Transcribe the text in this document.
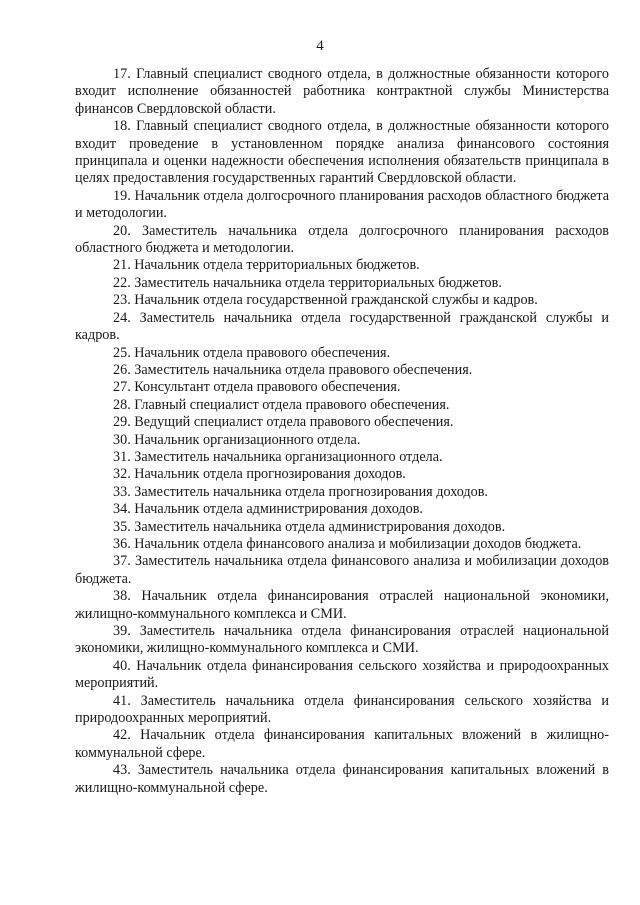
4

17. Главный специалист сводного отдела, в должностные обязанности которого входит исполнение обязанностей работника контрактной службы Министерства финансов Свердловской области.

18. Главный специалист сводного отдела, в должностные обязанности которого входит проведение в установленном порядке анализа финансового состояния принципала и оценки надежности обеспечения исполнения обязательств принципала в целях предоставления государственных гарантий Свердловской области.

19. Начальник отдела долгосрочного планирования расходов областного бюджета и методологии.

20. Заместитель начальника отдела долгосрочного планирования расходов областного бюджета и методологии.

21. Начальник отдела территориальных бюджетов.

22. Заместитель начальника отдела территориальных бюджетов.

23. Начальник отдела государственной гражданской службы и кадров.

24. Заместитель начальника отдела государственной гражданской службы и кадров.

25. Начальник отдела правового обеспечения.

26. Заместитель начальника отдела правового обеспечения.

27. Консультант отдела правового обеспечения.

28. Главный специалист отдела правового обеспечения.

29. Ведущий специалист отдела правового обеспечения.

30. Начальник организационного отдела.

31. Заместитель начальника организационного отдела.

32. Начальник отдела прогнозирования доходов.

33. Заместитель начальника отдела прогнозирования доходов.

34. Начальник отдела администрирования доходов.

35. Заместитель начальника отдела администрирования доходов.

36. Начальник отдела финансового анализа и мобилизации доходов бюджета.

37. Заместитель начальника отдела финансового анализа и мобилизации доходов бюджета.

38. Начальник отдела финансирования отраслей национальной экономики, жилищно-коммунального комплекса и СМИ.

39. Заместитель начальника отдела финансирования отраслей национальной экономики, жилищно-коммунального комплекса и СМИ.

40. Начальник отдела финансирования сельского хозяйства и природоохранных мероприятий.

41. Заместитель начальника отдела финансирования сельского хозяйства и природоохранных мероприятий.

42. Начальник отдела финансирования капитальных вложений в жилищно-коммунальной сфере.

43. Заместитель начальника отдела финансирования капитальных вложений в жилищно-коммунальной сфере.
